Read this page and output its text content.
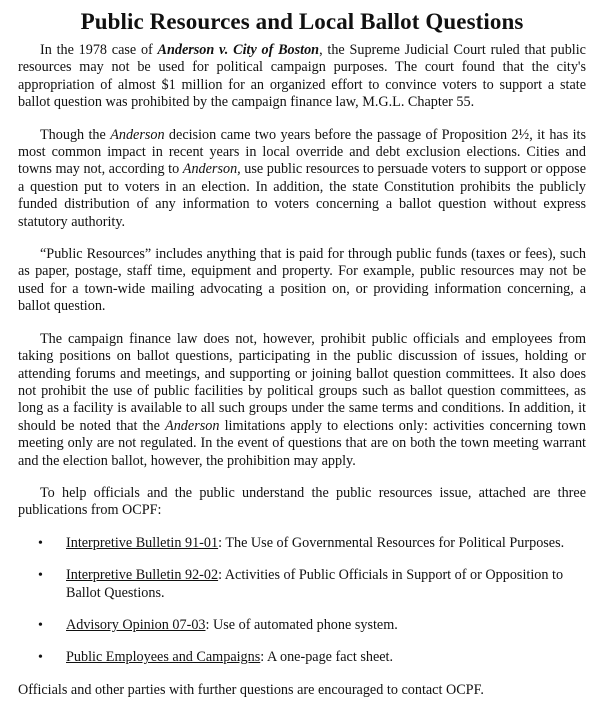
Public Resources and Local Ballot Questions

In the 1978 case of Anderson v. City of Boston, the Supreme Judicial Court ruled that public resources may not be used for political campaign purposes. The court found that the city's appropriation of almost $1 million for an organized effort to convince voters to support a state ballot question was prohibited by the campaign finance law, M.G.L. Chapter 55.

Though the Anderson decision came two years before the passage of Proposition 2½, it has its most common impact in recent years in local override and debt exclusion elections. Cities and towns may not, according to Anderson, use public resources to persuade voters to support or oppose a question put to voters in an election. In addition, the state Constitution prohibits the publicly funded distribution of any information to voters concerning a ballot question without express statutory authority.

“Public Resources” includes anything that is paid for through public funds (taxes or fees), such as paper, postage, staff time, equipment and property. For example, public resources may not be used for a town-wide mailing advocating a position on, or providing information concerning, a ballot question.

The campaign finance law does not, however, prohibit public officials and employees from taking positions on ballot questions, participating in the public discussion of issues, holding or attending forums and meetings, and supporting or joining ballot question committees. It also does not prohibit the use of public facilities by political groups such as ballot question committees, as long as a facility is available to all such groups under the same terms and conditions. In addition, it should be noted that the Anderson limitations apply to elections only: activities concerning town meeting only are not regulated. In the event of questions that are on both the town meeting warrant and the election ballot, however, the prohibition may apply.

To help officials and the public understand the public resources issue, attached are three publications from OCPF:

• Interpretive Bulletin 91-01: The Use of Governmental Resources for Political Purposes.
• Interpretive Bulletin 92-02: Activities of Public Officials in Support of or Opposition to Ballot Questions.
• Advisory Opinion 07-03: Use of automated phone system.
• Public Employees and Campaigns: A one-page fact sheet.

Officials and other parties with further questions are encouraged to contact OCPF.
